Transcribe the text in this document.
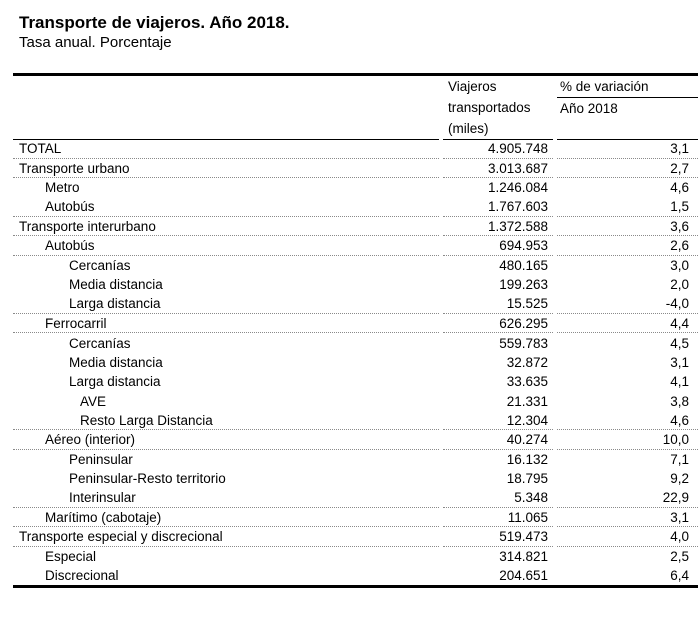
Transporte de viajeros. Año 2018.
Tasa anual. Porcentaje
Viajeros
transportados
(miles)
% de variación
Año 2018
TOTAL	4.905.748	3,1
Transporte urbano	3.013.687	2,7
Metro	1.246.084	4,6
Autobús	1.767.603	1,5
Transporte interurbano	1.372.588	3,6
Autobús	694.953	2,6
Cercanías	480.165	3,0
Media distancia	199.263	2,0
Larga distancia	15.525	-4,0
Ferrocarril	626.295	4,4
Cercanías	559.783	4,5
Media distancia	32.872	3,1
Larga distancia	33.635	4,1
AVE	21.331	3,8
Resto Larga Distancia	12.304	4,6
Aéreo (interior)	40.274	10,0
Peninsular	16.132	7,1
Peninsular-Resto territorio	18.795	9,2
Interinsular	5.348	22,9
Marítimo (cabotaje)	11.065	3,1
Transporte especial y discrecional	519.473	4,0
Especial	314.821	2,5
Discrecional	204.651	6,4
